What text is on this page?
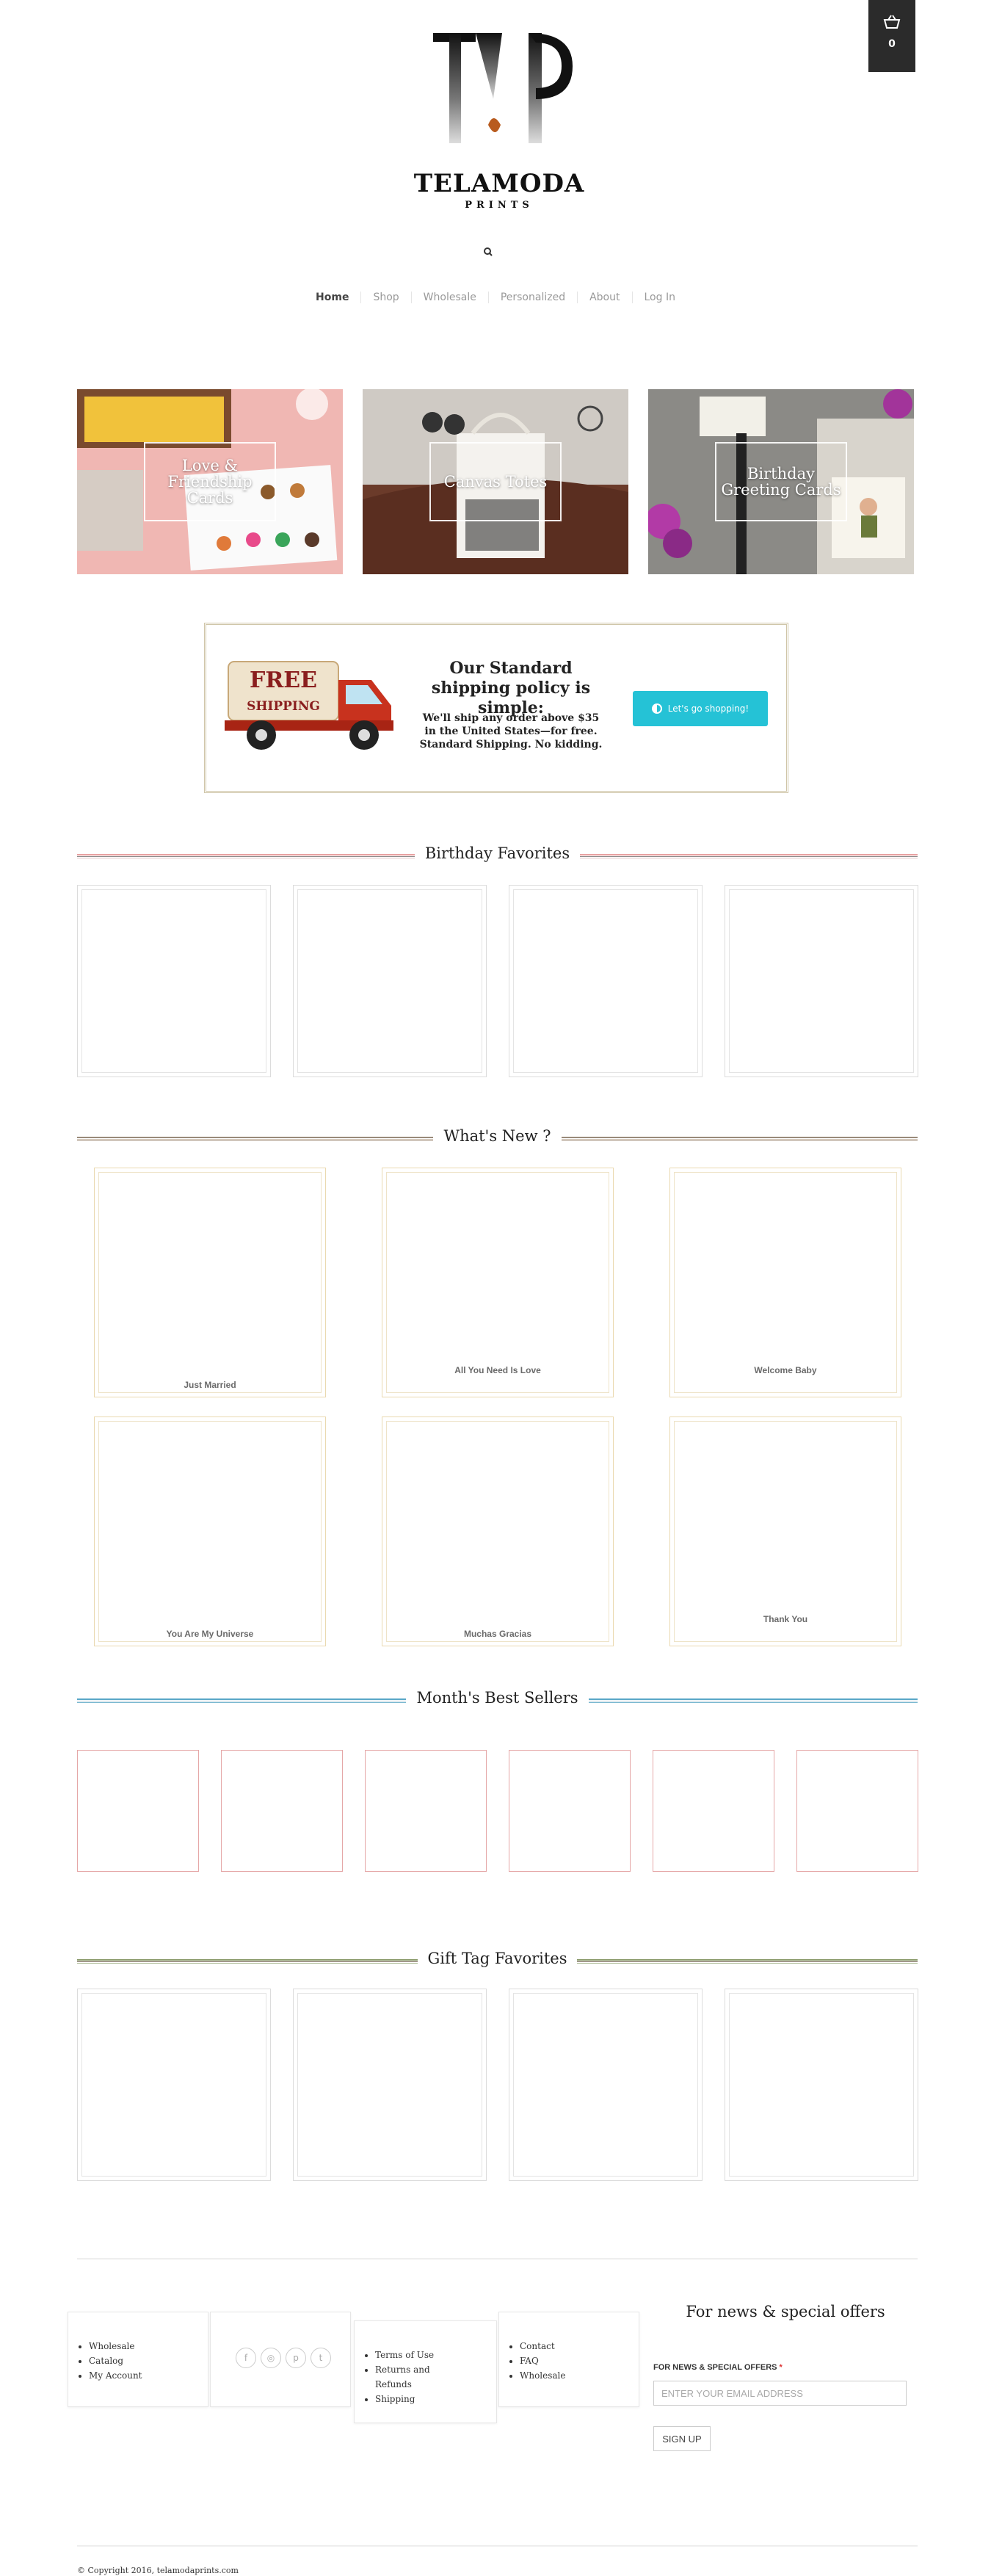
0
TELAMODA
PRINTS
Home	Shop	Wholesale	Personalized	About	Log In
Love & Friendship Cards
Canvas Totes	Birthday Greeting Cards
FREE
SHIPPING
Our Standard shipping policy is simple:
We'll ship any order above $35 in the United States—for free. Standard Shipping. No kidding.
Let's go shopping!
Birthday Favorites
What's New ?
Just Married
All You Need Is Love	Welcome Baby
You Are My Universe	Muchas Gracias
Thank You
Month's Best Sellers
Gift Tag Favorites
• Wholesale
• Catalog
• My Account
f	◎	p	t
•	Terms of Use
• Returns and Refunds
• Shipping
• Contact
• FAQ
• Wholesale
For news & special offers
FOR NEWS & SPECIAL OFFERS *
ENTER YOUR EMAIL ADDRESS
SIGN UP
© Copyright 2016, telamodaprints.com
